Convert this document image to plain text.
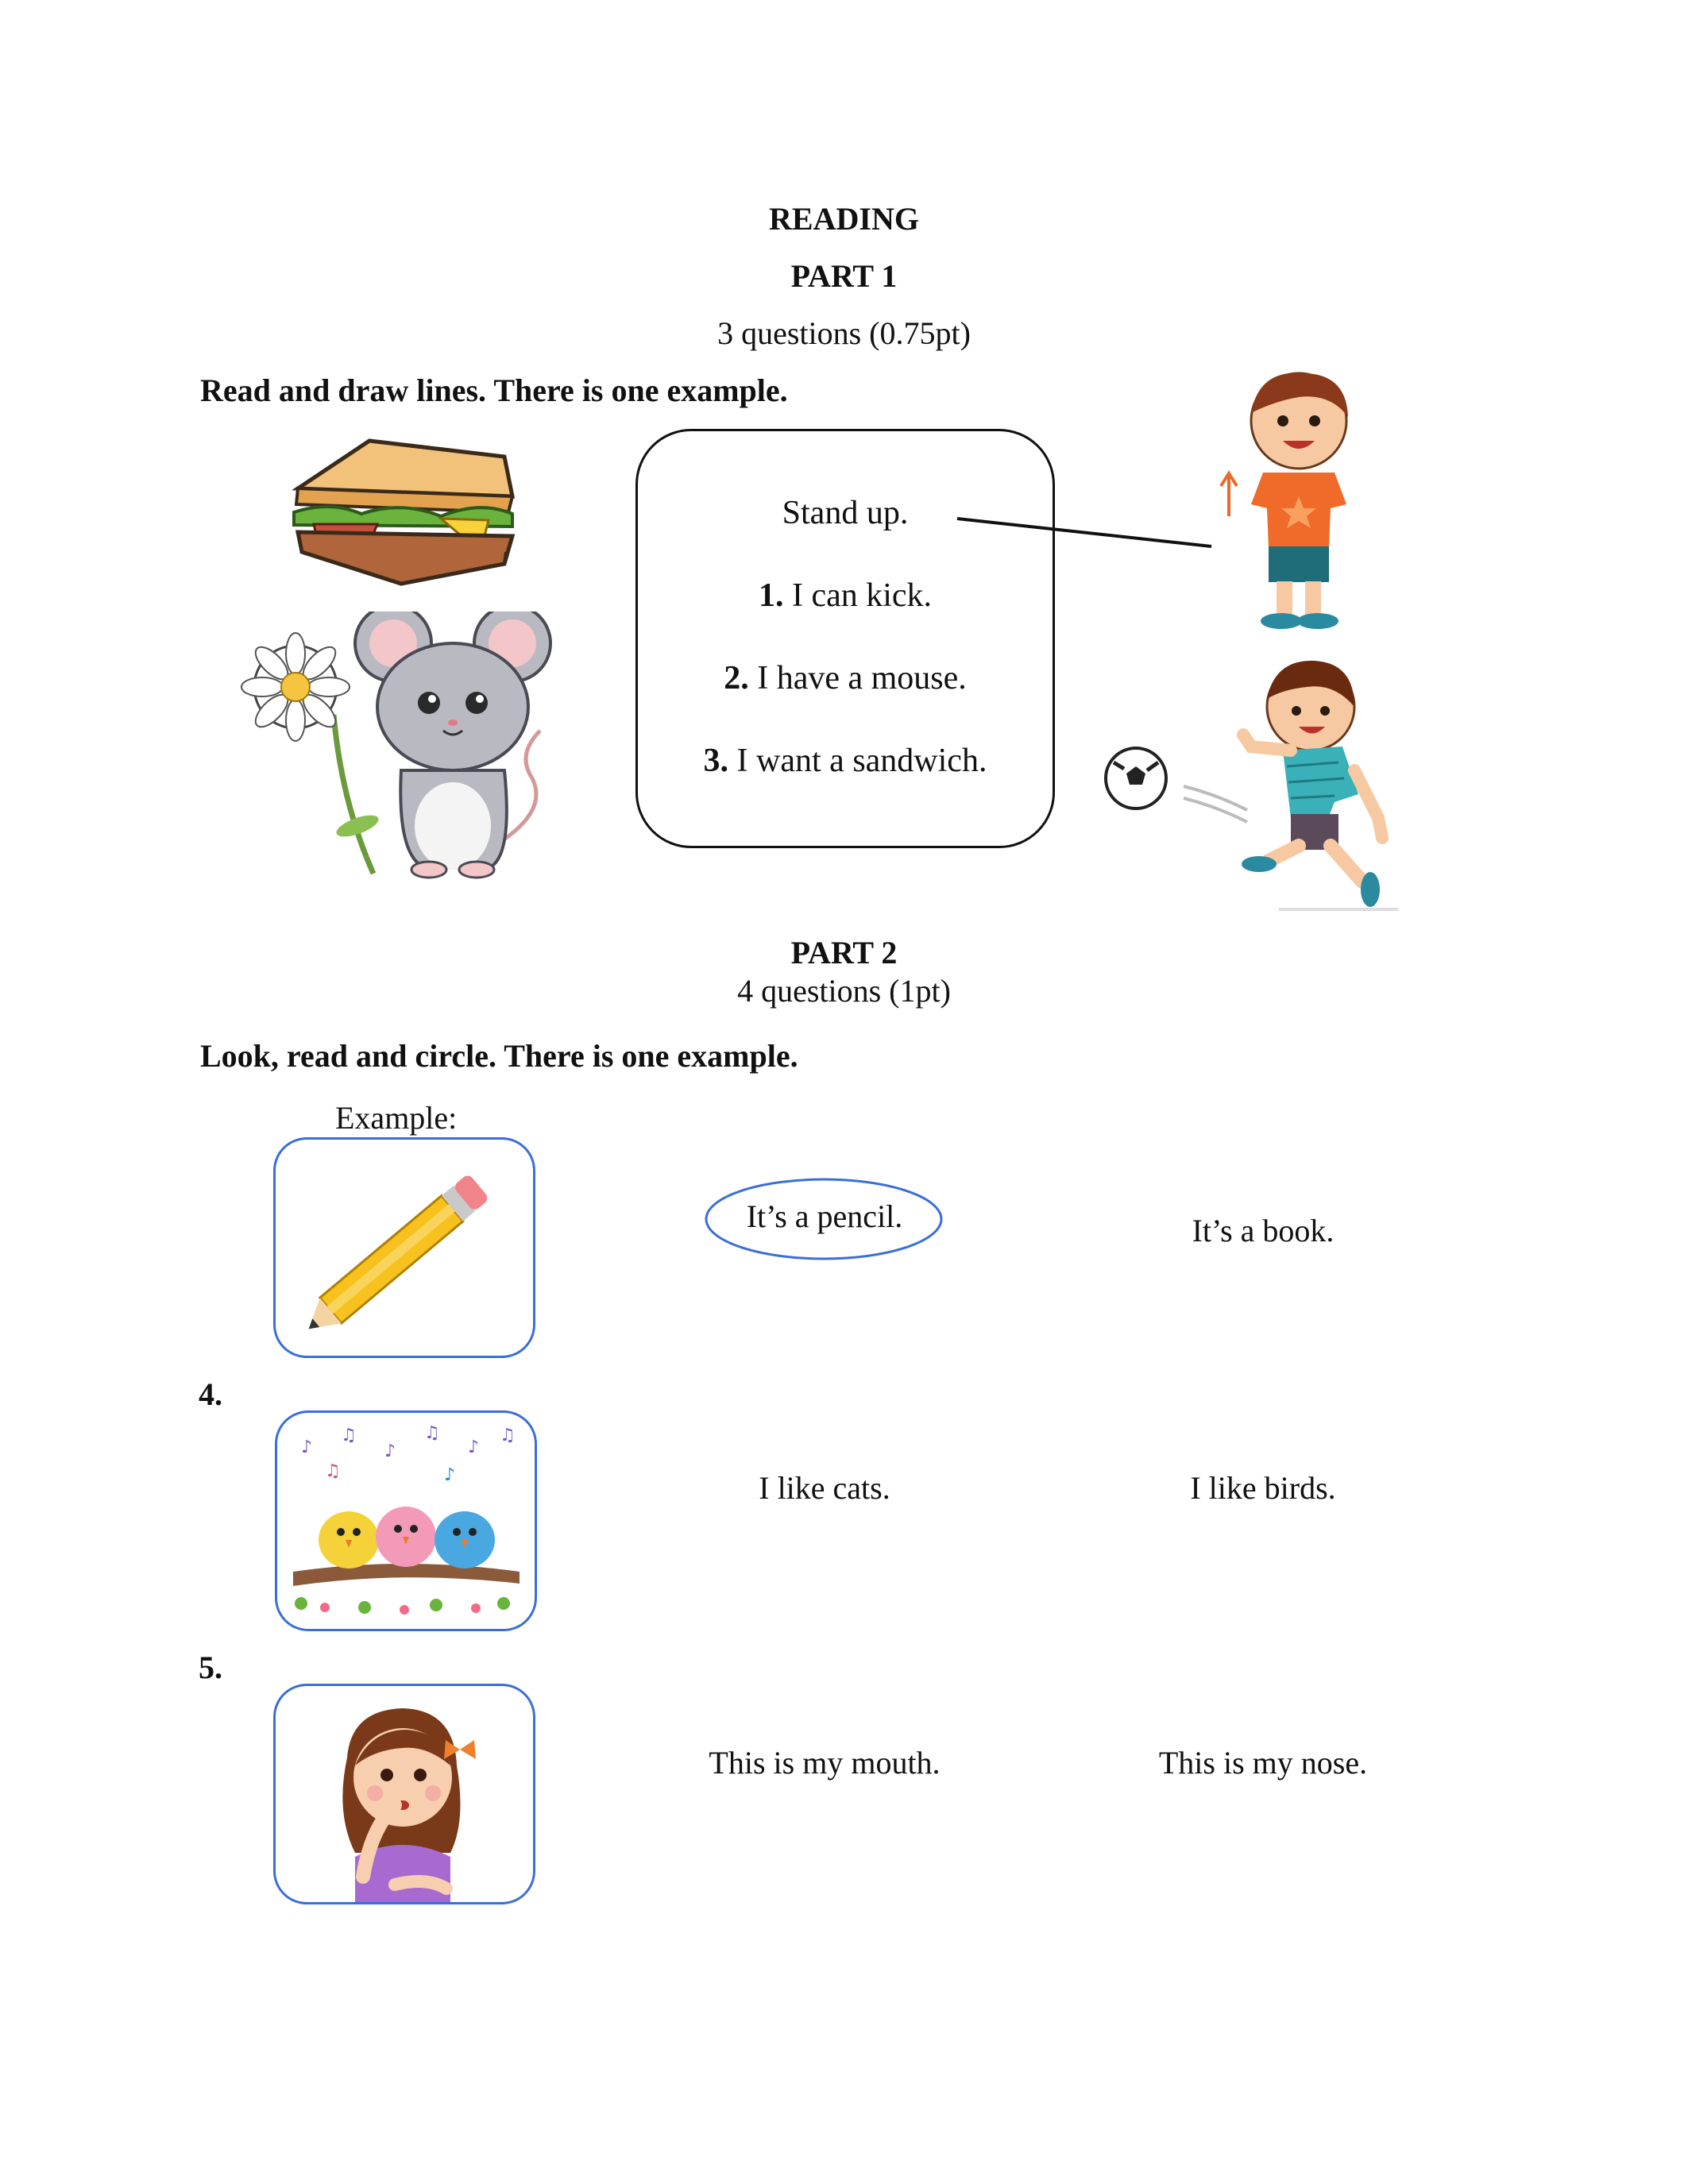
READING
PART 1
3 questions (0.75pt)
Read and draw lines. There is one example.
Stand up.
1. I can kick.
2. I have a mouse.
3. I want a sandwich.
PART 2
4 questions (1pt)
Look, read and circle. There is one example.
Example:
It’s a pencil.	It’s a book.
4.
♪
♫
♪
♫
♪
♫
♫	♪	I like cats.	I like birds.
5.
This is my mouth.	This is my nose.
